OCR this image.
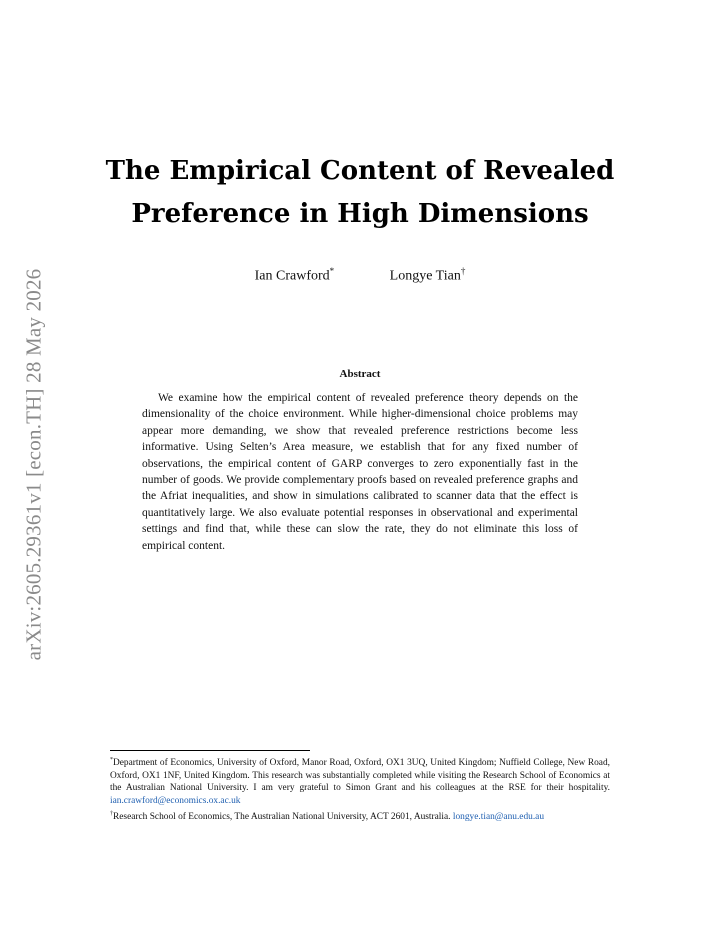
arXiv:2605.29361v1 [econ.TH] 28 May 2026
The Empirical Content of Revealed
Preference in High Dimensions
Ian Crawford*	Longye Tian†
Abstract

We examine how the empirical content of revealed preference theory depends on the dimensionality of the choice environment. While higher-dimensional choice problems may appear more demanding, we show that revealed preference restrictions become less informative. Using Selten’s Area measure, we establish that for any fixed number of observations, the empirical content of GARP converges to zero exponentially fast in the number of goods. We provide complementary proofs based on revealed preference graphs and the Afriat inequalities, and show in simulations calibrated to scanner data that the effect is quantitatively large. We also evaluate potential responses in observational and experimental settings and find that, while these can slow the rate, they do not eliminate this loss of empirical content.

*Department of Economics, University of Oxford, Manor Road, Oxford, OX1 3UQ, United Kingdom; Nuffield College, New Road, Oxford, OX1 1NF, United Kingdom. This research was substantially completed while visiting the Research School of Economics at the Australian National University. I am very grateful to Simon Grant and his colleagues at the RSE for their hospitality. ian.crawford@economics.ox.ac.uk

†Research School of Economics, The Australian National University, ACT 2601, Australia. longye.tian@anu.edu.au
